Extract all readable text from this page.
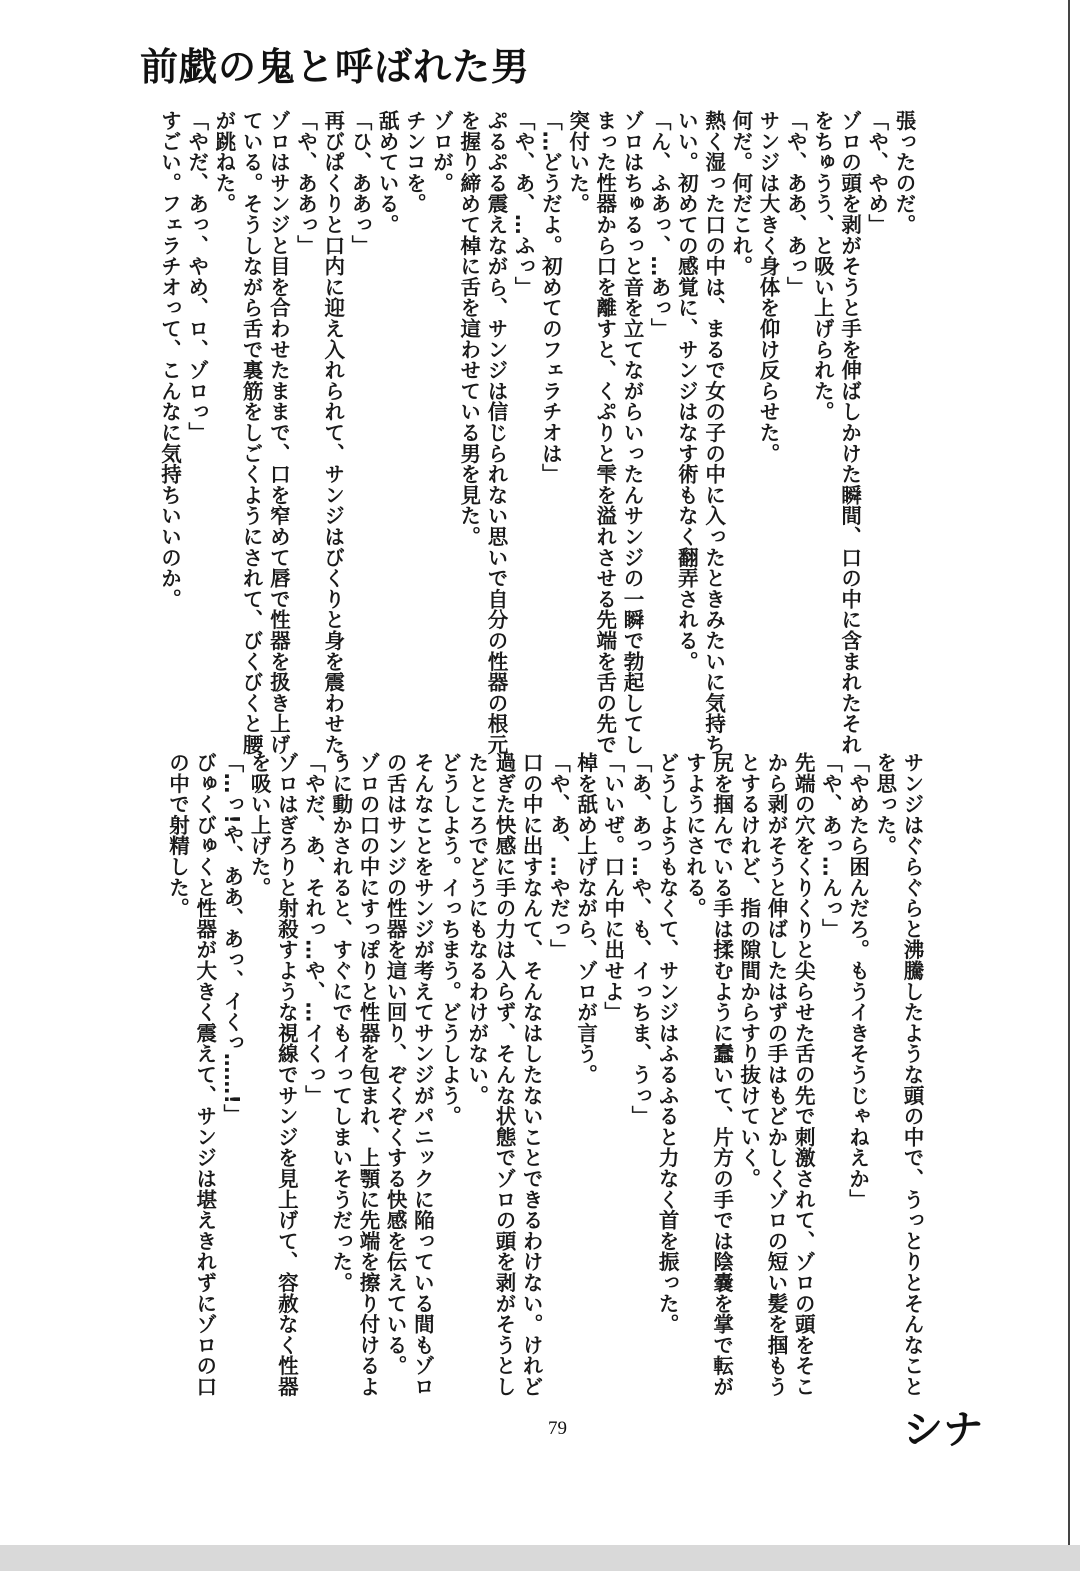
前戯の鬼と呼ばれた男

張ったのだ。

「や、やめ」

ゾロの頭を剥がそうと手を伸ばしかけた瞬間、口の中に含まれたそれ

をちゅうう、と吸い上げられた。

「や、ああ、あっ」

サンジは大きく身体を仰け反らせた。

何だ。何だこれ。

熱く湿った口の中は、まるで女の子の中に入ったときみたいに気持ち

いい。初めての感覚に、サンジはなす術もなく翻弄される。

「ん、ふあっ、…あっ」

ゾロはちゅるっと音を立てながらいったんサンジの一瞬で勃起してし

まった性器から口を離すと、くぷりと雫を溢れさせる先端を舌の先で

突付いた。

「…どうだよ。初めてのフェラチオは」

「や、あ、…ふっ」

ぷるぷる震えながら、サンジは信じられない思いで自分の性器の根元

を握り締めて棹に舌を這わせている男を見た。

ゾロが。

チンコを。

舐めている。

「ひ、ああっ」

再びぱくりと口内に迎え入れられて、サンジはびくりと身を震わせた。

「や、ああっ」

ゾロはサンジと目を合わせたままで、口を窄めて唇で性器を扱き上げ

ている。そうしながら舌で裏筋をしごくようにされて、びくびくと腰

が跳ねた。

「やだ、あっ、やめ、ロ、ゾロっ」

すごい。フェラチオって、こんなに気持ちいいのか。

サンジはぐらぐらと沸騰したような頭の中で、うっとりとそんなこと

を思った。

「やめたら困んだろ。もうイきそうじゃねえか」

「や、あっ…んっ」

先端の穴をくりくりと尖らせた舌の先で刺激されて、ゾロの頭をそこ

から剥がそうと伸ばしたはずの手はもどかしくゾロの短い髪を掴もう

とするけれど、指の隙間からすり抜けていく。

尻を掴んでいる手は揉むように蠢いて、片方の手では陰嚢を掌で転が

すようにされる。

どうしようもなくて、サンジはふるふると力なく首を振った。

「あ、あっ…や、も、イっちま、うっ」

「いいぜ。口ん中に出せよ」

棹を舐め上げながら、ゾロが言う。

「や、あ、…やだっ」

口の中に出すなんて、そんなはしたないことできるわけない。けれど

過ぎた快感に手の力は入らず、そんな状態でゾロの頭を剥がそうとし

たところでどうにもなるわけがない。

どうしよう。イっちまう。どうしよう。

そんなことをサンジが考えてサンジがパニックに陥っている間もゾロ

の舌はサンジの性器を這い回り、ぞくぞくする快感を伝えている。

ゾロの口の中にすっぽりと性器を包まれ、上顎に先端を擦り付けるよ

うに動かされると、すぐにでもイってしまいそうだった。

「やだ、あ、それっ…や、…イくっ」

ゾロはぎろりと射殺すような視線でサンジを見上げて、容赦なく性器

を吸い上げた。

「…っ!や、ああ、あっ、イくっ……!」

びゅくびゅくと性器が大きく震えて、サンジは堪えきれずにゾロの口

の中で射精した。

シナ
79
